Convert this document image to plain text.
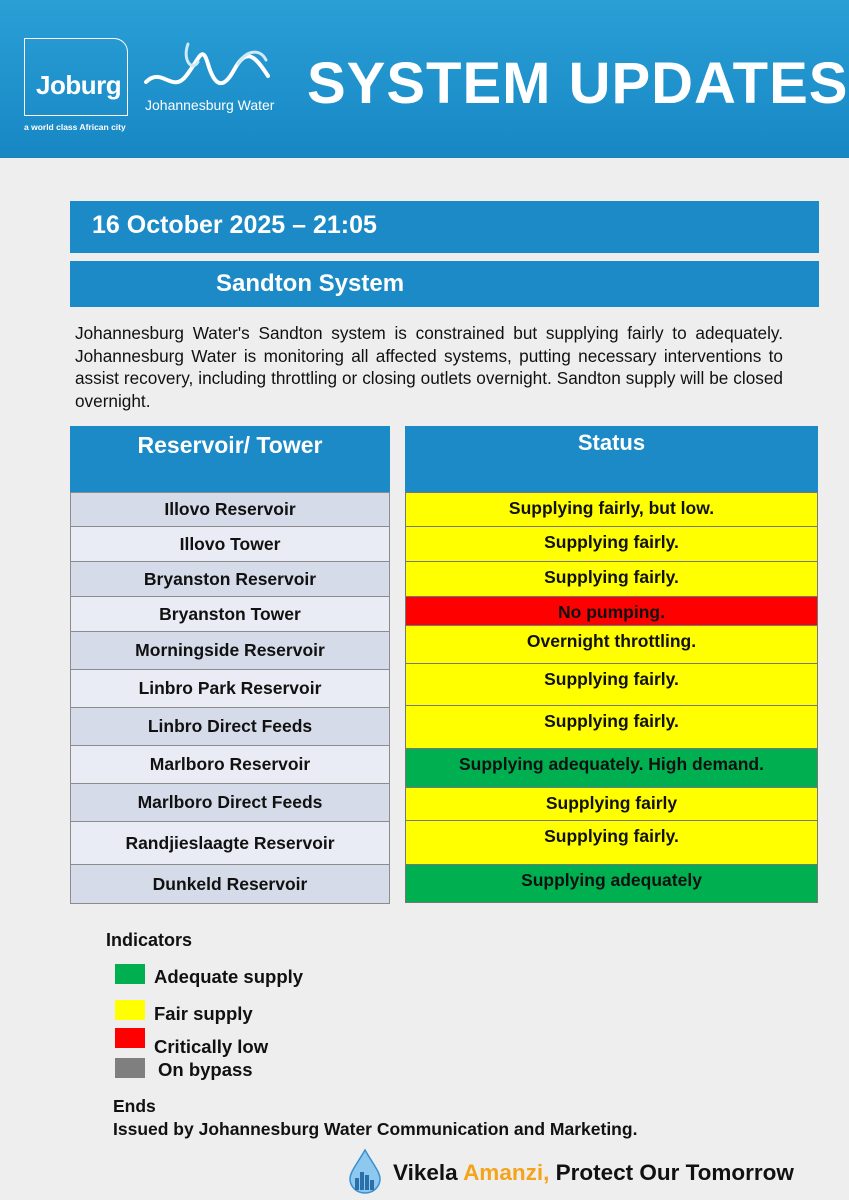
Joburg
a world class African city
Johannesburg Water SYSTEM UPDATES
16 October 2025 – 21:05
Sandton System
Johannesburg Water's Sandton system is constrained but supplying fairly to adequately. Johannesburg Water is monitoring all affected systems, putting necessary interventions to assist recovery, including throttling or closing outlets overnight. Sandton supply will be closed overnight.
Reservoir/ Tower	Status
Illovo Reservoir	Supplying fairly, but low.
Illovo Tower	Supplying fairly.
Bryanston Reservoir	Supplying fairly.
Bryanston Tower	No pumping.
Morningside Reservoir	Overnight throttling.
Linbro Park Reservoir	Supplying fairly.
Linbro Direct Feeds	Supplying fairly.
Marlboro Reservoir	Supplying adequately. High demand.
Marlboro Direct Feeds	Supplying fairly
Randjieslaagte Reservoir	Supplying fairly.
Dunkeld Reservoir	Supplying adequately
Indicators
Adequate supply
Fair supply
Critically low
On bypass
Ends
Issued by Johannesburg Water Communication and Marketing.
Vikela Amanzi, Protect Our Tomorrow
